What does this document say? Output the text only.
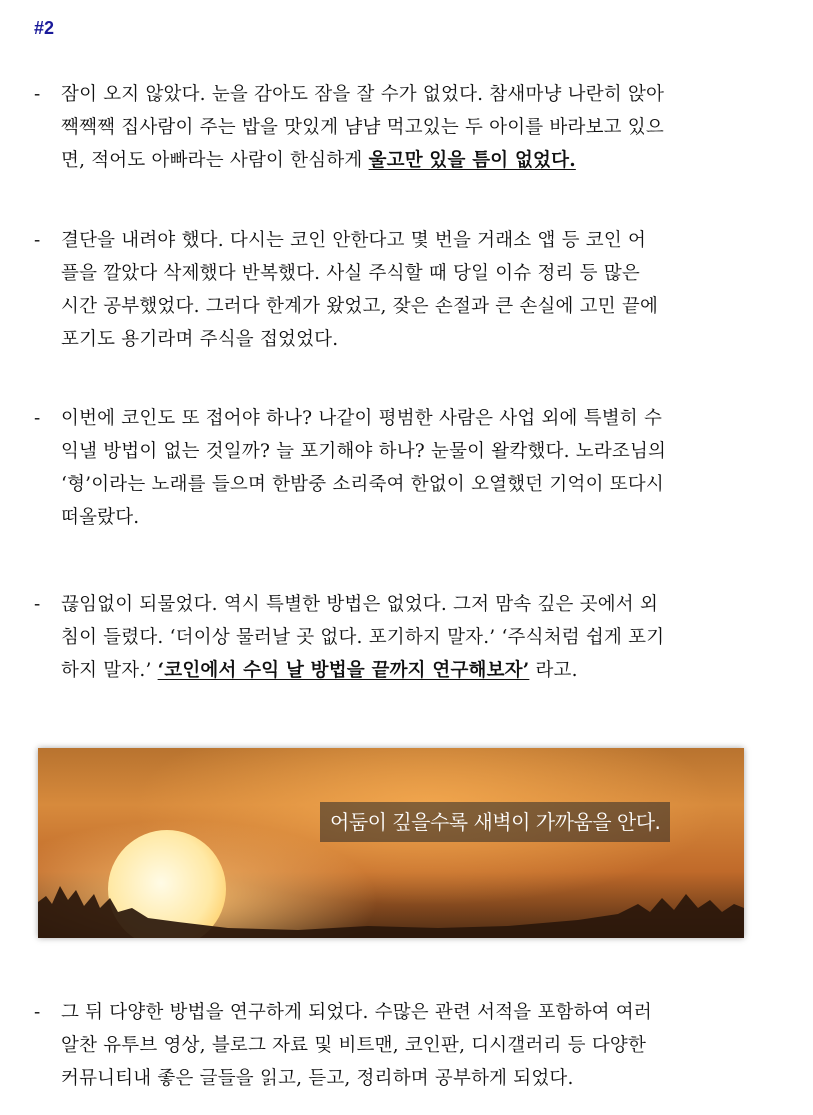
#2
- 잠이 오지 않았다. 눈을 감아도 잠을 잘 수가 없었다. 참새마냥 나란히 앉아
짹짹짹 집사람이 주는 밥을 맛있게 냠냠 먹고있는 두 아이를 바라보고 있으
면, 적어도 아빠라는 사람이 한심하게 울고만 있을 틈이 없었다.
- 결단을 내려야 했다. 다시는 코인 안한다고 몇 번을 거래소 앱 등 코인 어
플을 깔았다 삭제했다 반복했다. 사실 주식할 때 당일 이슈 정리 등 많은
시간 공부했었다. 그러다 한계가 왔었고, 잦은 손절과 큰 손실에 고민 끝에
포기도 용기라며 주식을 접었었다.
- 이번에 코인도 또 접어야 하나? 나같이 평범한 사람은 사업 외에 특별히 수
익낼 방법이 없는 것일까? 늘 포기해야 하나? 눈물이 왈칵했다. 노라조님의
‘형’이라는 노래를 들으며 한밤중 소리죽여 한없이 오열했던 기억이 또다시
떠올랐다.
- 끊임없이 되물었다. 역시 특별한 방법은 없었다. 그저 맘속 깊은 곳에서 외
침이 들렸다. ‘더이상 물러날 곳 없다. 포기하지 말자.’ ‘주식처럼 쉽게 포기
하지 말자.’ ‘코인에서 수익 날 방법을 끝까지 연구해보자’ 라고.
어둠이 깊을수록 새벽이 가까움을 안다.
- 그 뒤 다양한 방법을 연구하게 되었다. 수많은 관련 서적을 포함하여 여러
알찬 유투브 영상, 블로그 자료 및 비트맨, 코인판, 디시갤러리 등 다양한
커뮤니티내 좋은 글들을 읽고, 듣고, 정리하며 공부하게 되었다.
